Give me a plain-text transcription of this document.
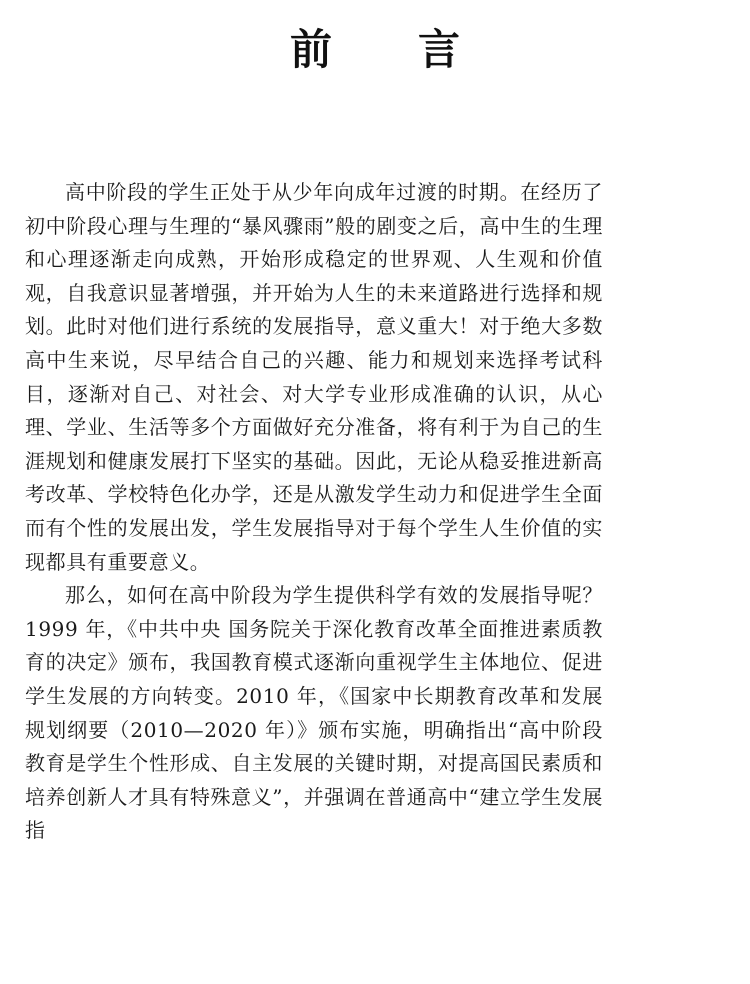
前 言

高中阶段的学生正处于从少年向成年过渡的时期。在经历了初中阶段心理与生理的“暴风骤雨”般的剧变之后，高中生的生理和心理逐渐走向成熟，开始形成稳定的世界观、人生观和价值观，自我意识显著增强，并开始为人生的未来道路进行选择和规划。此时对他们进行系统的发展指导，意义重大！对于绝大多数高中生来说，尽早结合自己的兴趣、能力和规划来选择考试科目，逐渐对自己、对社会、对大学专业形成准确的认识，从心理、学业、生活等多个方面做好充分准备，将有利于为自己的生涯规划和健康发展打下坚实的基础。因此，无论从稳妥推进新高考改革、学校特色化办学，还是从激发学生动力和促进学生全面而有个性的发展出发，学生发展指导对于每个学生人生价值的实现都具有重要意义。

那么，如何在高中阶段为学生提供科学有效的发展指导呢？1999 年，《中共中央 国务院关于深化教育改革全面推进素质教育的决定》颁布，我国教育模式逐渐向重视学生主体地位、促进学生发展的方向转变。2010 年，《国家中长期教育改革和发展规划纲要（2010—2020 年）》颁布实施，明确指出“高中阶段教育是学生个性形成、自主发展的关键时期，对提高国民素质和培养创新人才具有特殊意义”，并强调在普通高中“建立学生发展指
